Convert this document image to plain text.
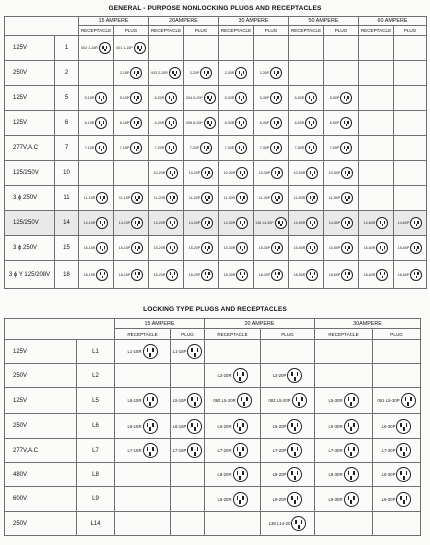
GENERAL - PURPOSE NONLOCKING PLUGS AND RECEPTACLES
		15 AMPERE		20AMPERE		30 AMPERE		50 AMPERE		60 AMPERE	
		RECEPTACLE	PLUG	RECEPTACLE	PLUG	RECEPTACLE	PLUG	RECEPTACLE	PLUG	RECEPTACLE	PLUG
125V	1	002 1-15R	001 1-15P								

250V	2		2-15P	003 2-20R	2-20P	2-30R	2-30P				

125V	5	5-15R	5-15P	5-20R	004 5-20P	5-30R	5-30P	5-50R	5-50P		

125V	6	6-15R	6-15P	6-20R	006 6-20P	6-30R	6-30P	6-50R	6-50P		

277V,A.C	7	7-15R	7-15P	7-20R	7-20P	7-30R	7-30P	7-50R	7-50P		

125/250V	10			10-20R	10-20P	10-30R	10-30P	10-50R	10-50P		

3 ϕ 250V	11	11-15R	11-15P	11-20R	11-20P	11-30R	11-30P	11-50R	11-50P		

125/250V	14	14-15R	14-15P	14-20R	14-20P	14-30R	138 14-30P	14-50R	14-50P	14-60R	14-60P

3 ϕ 250V	15	15-15R	15-15P	15-20R	15-20P	15-30R	15-30P	15-50R	15-50P	15-60R	15-60P

3 ϕ Y 125/208V	18	18-15R	18-15P	18-20R	18-20P	18-30R	18-30P	18-50R	18-50P	18-60R	18-60P
LOCKING TYPE PLUGS AND RECEPTACLES
		15 AMPERE		20 AMPERE		30AMPERE	
		RECEPTACLE	PLUG	RECEPTACLE	PLUG	RECEPTACLE	PLUG
125V	L1	L1-15R	L1-15P				

250V	L2			L2-20R	L2-20P		

125V	L5	L5-15R	L5-15P	090 L5-20R	093 L5-20P	L5-30R	091 L5-30P

250V	L6	L6-15R	L6-15P	L6-20R	L6-20P	L6-30R	L6-30P

277V,A.C	L7	L7-15R	L7-15P	L7-20R	L7-20P	L7-30R	L7-30P

480V	L8			L8-20R	L8-20P	L8-30R	L8-30P

600V	L9			L9-20R	L9-20P	L9-30R	L9-30P

250V	L14				138 L14-20		
